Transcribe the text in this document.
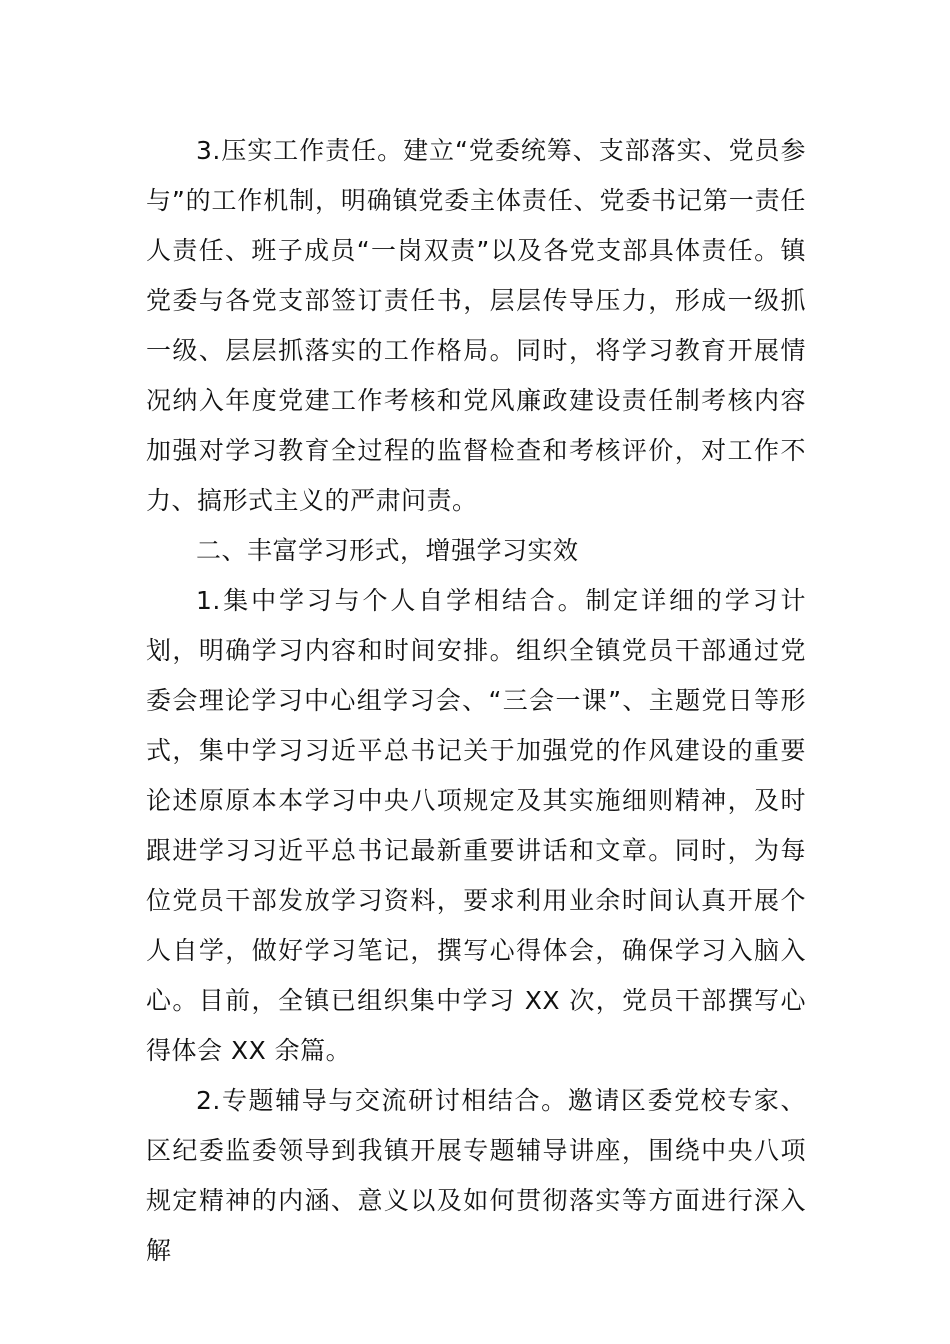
3.压实工作责任。建立“党委统筹、支部落实、党员参与”的工作机制，明确镇党委主体责任、党委书记第一责任人责任、班子成员“一岗双责”以及各党支部具体责任。镇党委与各党支部签订责任书，层层传导压力，形成一级抓一级、层层抓落实的工作格局。同时，将学习教育开展情况纳入年度党建工作考核和党风廉政建设责任制考核内容加强对学习教育全过程的监督检查和考核评价，对工作不力、搞形式主义的严肃问责。

二、丰富学习形式，增强学习实效

1.集中学习与个人自学相结合。制定详细的学习计划，明确学习内容和时间安排。组织全镇党员干部通过党委会理论学习中心组学习会、“三会一课”、主题党日等形式，集中学习习近平总书记关于加强党的作风建设的重要论述原原本本学习中央八项规定及其实施细则精神，及时跟进学习习近平总书记最新重要讲话和文章。同时，为每位党员干部发放学习资料，要求利用业余时间认真开展个人自学，做好学习笔记，撰写心得体会，确保学习入脑入心。目前，全镇已组织集中学习 XX 次，党员干部撰写心得体会 XX 余篇。

2.专题辅导与交流研讨相结合。邀请区委党校专家、区纪委监委领导到我镇开展专题辅导讲座，围绕中央八项规定精神的内涵、意义以及如何贯彻落实等方面进行深入解
